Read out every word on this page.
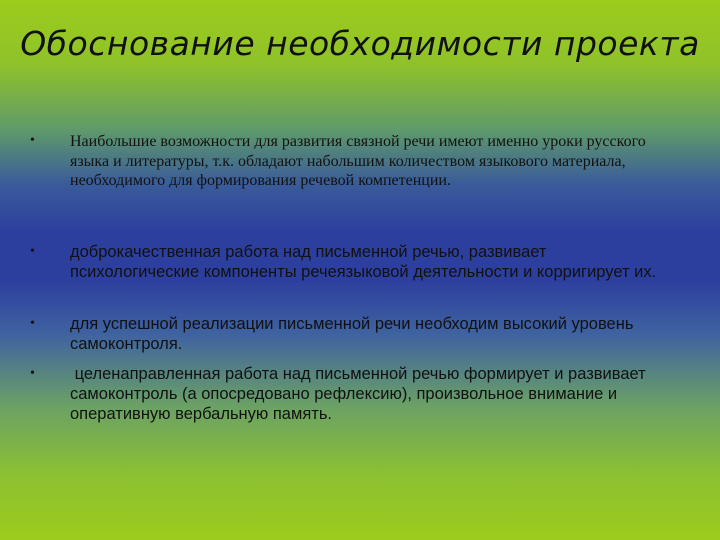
Обоснование необходимости проекта
• Наибольшие возможности для развития связной речи имеют именно уроки русского языка и литературы, т.к. обладают набольшим количеством языкового материала, необходимого для формирования речевой компетенции.
• доброкачественная работа над письменной речью, развивает психологические компоненты речеязыковой деятельности и корригирует их.
• для успешной реализации письменной речи необходим высокий уровень самоконтроля.
• целенаправленная работа над письменной речью формирует и развивает самоконтроль (а опосредовано рефлексию), произвольное внимание и оперативную вербальную память.
